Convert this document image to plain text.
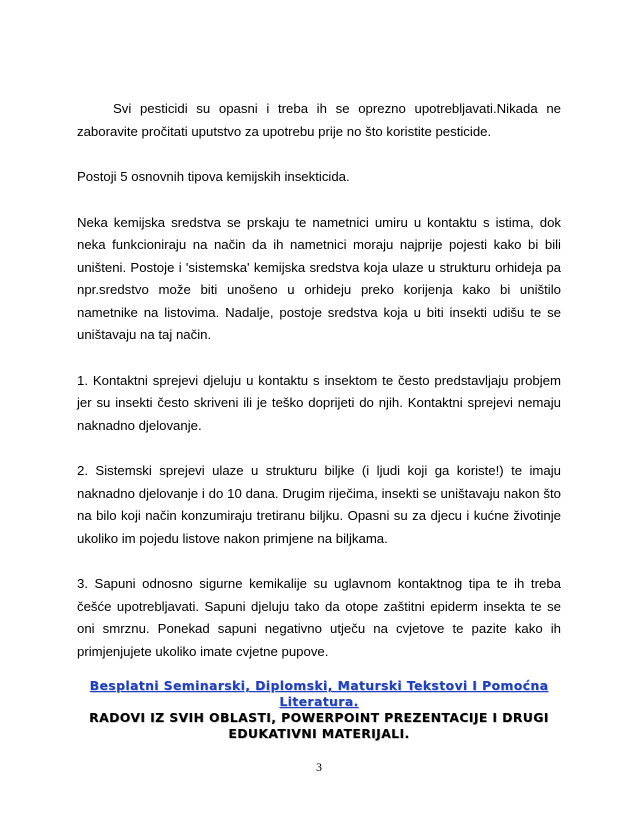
Svi pesticidi su opasni i treba ih se oprezno upotrebljavati.Nikada ne zaboravite pročitati uputstvo za upotrebu prije no što koristite pesticide.

Postoji 5 osnovnih tipova kemijskih insekticida.

Neka kemijska sredstva se prskaju te nametnici umiru u kontaktu s istima, dok neka funkcioniraju na način da ih nametnici moraju najprije pojesti kako bi bili uništeni. Postoje i 'sistemska' kemijska sredstva koja ulaze u strukturu orhideja pa npr.sredstvo može biti unošeno u orhideju preko korijenja kako bi uništilo nametnike na listovima. Nadalje, postoje sredstva koja u biti insekti udišu te se uništavaju na taj način.

1. Kontaktni sprejevi djeluju u kontaktu s insektom te često predstavljaju probjem jer su insekti često skriveni ili je teško doprijeti do njih. Kontaktni sprejevi nemaju naknadno djelovanje.

2. Sistemski sprejevi ulaze u strukturu biljke (i ljudi koji ga koriste!) te imaju naknadno djelovanje i do 10 dana. Drugim riječima, insekti se uništavaju nakon što na bilo koji način konzumiraju tretiranu biljku. Opasni su za djecu i kućne životinje ukoliko im pojedu listove nakon primjene na biljkama.

3. Sapuni odnosno sigurne kemikalije su uglavnom kontaktnog tipa te ih treba češće upotrebljavati. Sapuni djeluju tako da otope zaštitni epiderm insekta te se oni smrznu. Ponekad sapuni negativno utječu na cvjetove te pazite kako ih primjenjujete ukoliko imate cvjetne pupove.

Besplatni Seminarski, Diplomski, Maturski Tekstovi I Pomoćna Literatura.
RADOVI IZ SVIH OBLASTI, POWERPOINT PREZENTACIJE I DRUGI EDUKATIVNI MATERIJALI.
3
